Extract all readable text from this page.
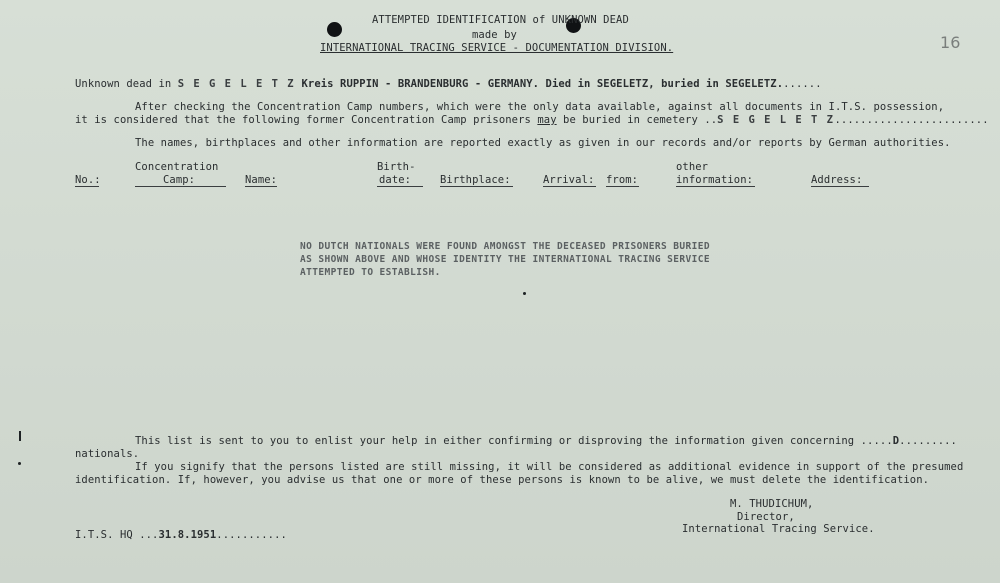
ATTEMPTED IDENTIFICATION of UNKNOWN DEAD
made by
INTERNATIONAL TRACING SERVICE - DOCUMENTATION DIVISION.	16
Unknown dead in S E G E L E T Z Kreis RUPPIN - BRANDENBURG - GERMANY. Died in SEGELETZ, buried in SEGELETZ.......
After checking the Concentration Camp numbers, which were the only data available, against all documents in I.T.S. possession,
it is considered that the following former Concentration Camp prisoners may be buried in cemetery ..S E G E L E T Z........................
The names, birthplaces and other information are reported exactly as given in our records and/or reports by German authorities.
Concentration	Birth-	other
No.:	Camp:	Name:	date:	Birthplace:	Arrival: from:	information:	Address:
NO DUTCH NATIONALS WERE FOUND AMONGST THE DECEASED PRISONERS BURIED
AS SHOWN ABOVE AND WHOSE IDENTITY THE INTERNATIONAL TRACING SERVICE
ATTEMPTED TO ESTABLISH.
This list is sent to you to enlist your help in either confirming or disproving the information given concerning .....D.........
nationals.
If you signify that the persons listed are still missing, it will be considered as additional evidence in support of the presumed
identification. If, however, you advise us that one or more of these persons is known to be alive, we must delete the identification.
M. THUDICHUM,
Director,
International Tracing Service.
I.T.S. HQ ...31.8.1951...........
